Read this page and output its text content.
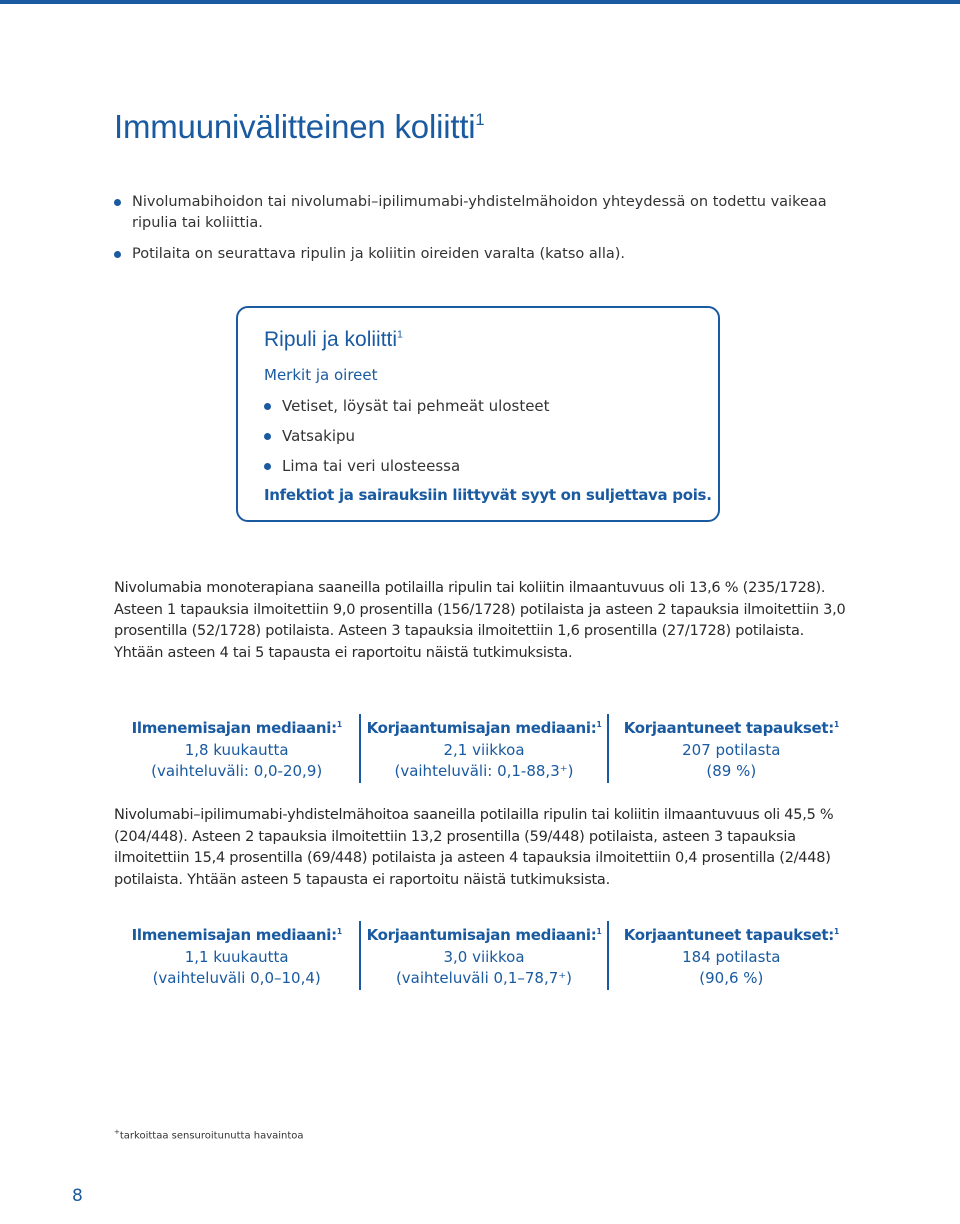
Immuunivälitteinen koliitti$^1$
Nivolumabihoidon tai nivolumabi–ipilimumabi-yhdistelmähoidon yhteydessä on todettu vaikeaa ripulia tai koliittia.
Potilaita on seurattava ripulin ja koliitin oireiden varalta (katso alla).
Ripuli ja koliitti$^1$
Merkit ja oireet
Vetiset, löysät tai pehmeät ulosteet
Vatsakipu
Lima tai veri ulosteessa
Infektiot ja sairauksiin liittyvät syyt on suljettava pois.

Nivolumabia monoterapiana saaneilla potilailla ripulin tai koliitin ilmaantuvuus oli 13,6 % (235/1728). Asteen 1 tapauksia ilmoitettiin 9,0 prosentilla (156/1728) potilaista ja asteen 2 tapauksia ilmoitettiin 3,0 prosentilla (52/1728) potilaista. Asteen 3 tapauksia ilmoitettiin 1,6 prosentilla (27/1728) potilaista. Yhtään asteen 4 tai 5 tapausta ei raportoitu näistä tutkimuksista.

Ilmenemisajan mediaani:$^1$
1,8 kuukautta
(vaihteluväli: 0,0-20,9)
Korjaantumisajan mediaani:$^1$
2,1 viikkoa
(vaihteluväli: 0,1-88,3⁺)
Korjaantuneet tapaukset:$^1$
207 potilasta
(89 %)

Nivolumabi–ipilimumabi-yhdistelmähoitoa saaneilla potilailla ripulin tai koliitin ilmaantuvuus oli 45,5 % (204/448). Asteen 2 tapauksia ilmoitettiin 13,2 prosentilla (59/448) potilaista, asteen 3 tapauksia ilmoitettiin 15,4 prosentilla (69/448) potilaista ja asteen 4 tapauksia ilmoitettiin 0,4 prosentilla (2/448) potilaista. Yhtään asteen 5 tapausta ei raportoitu näistä tutkimuksista.

Ilmenemisajan mediaani:$^1$
1,1 kuukautta
(vaihteluväli 0,0–10,4)
Korjaantumisajan mediaani:$^1$
3,0 viikkoa
(vaihteluväli 0,1–78,7⁺)
Korjaantuneet tapaukset:$^1$
184 potilasta
(90,6 %)
+tarkoittaa sensuroitunutta havaintoa
8
